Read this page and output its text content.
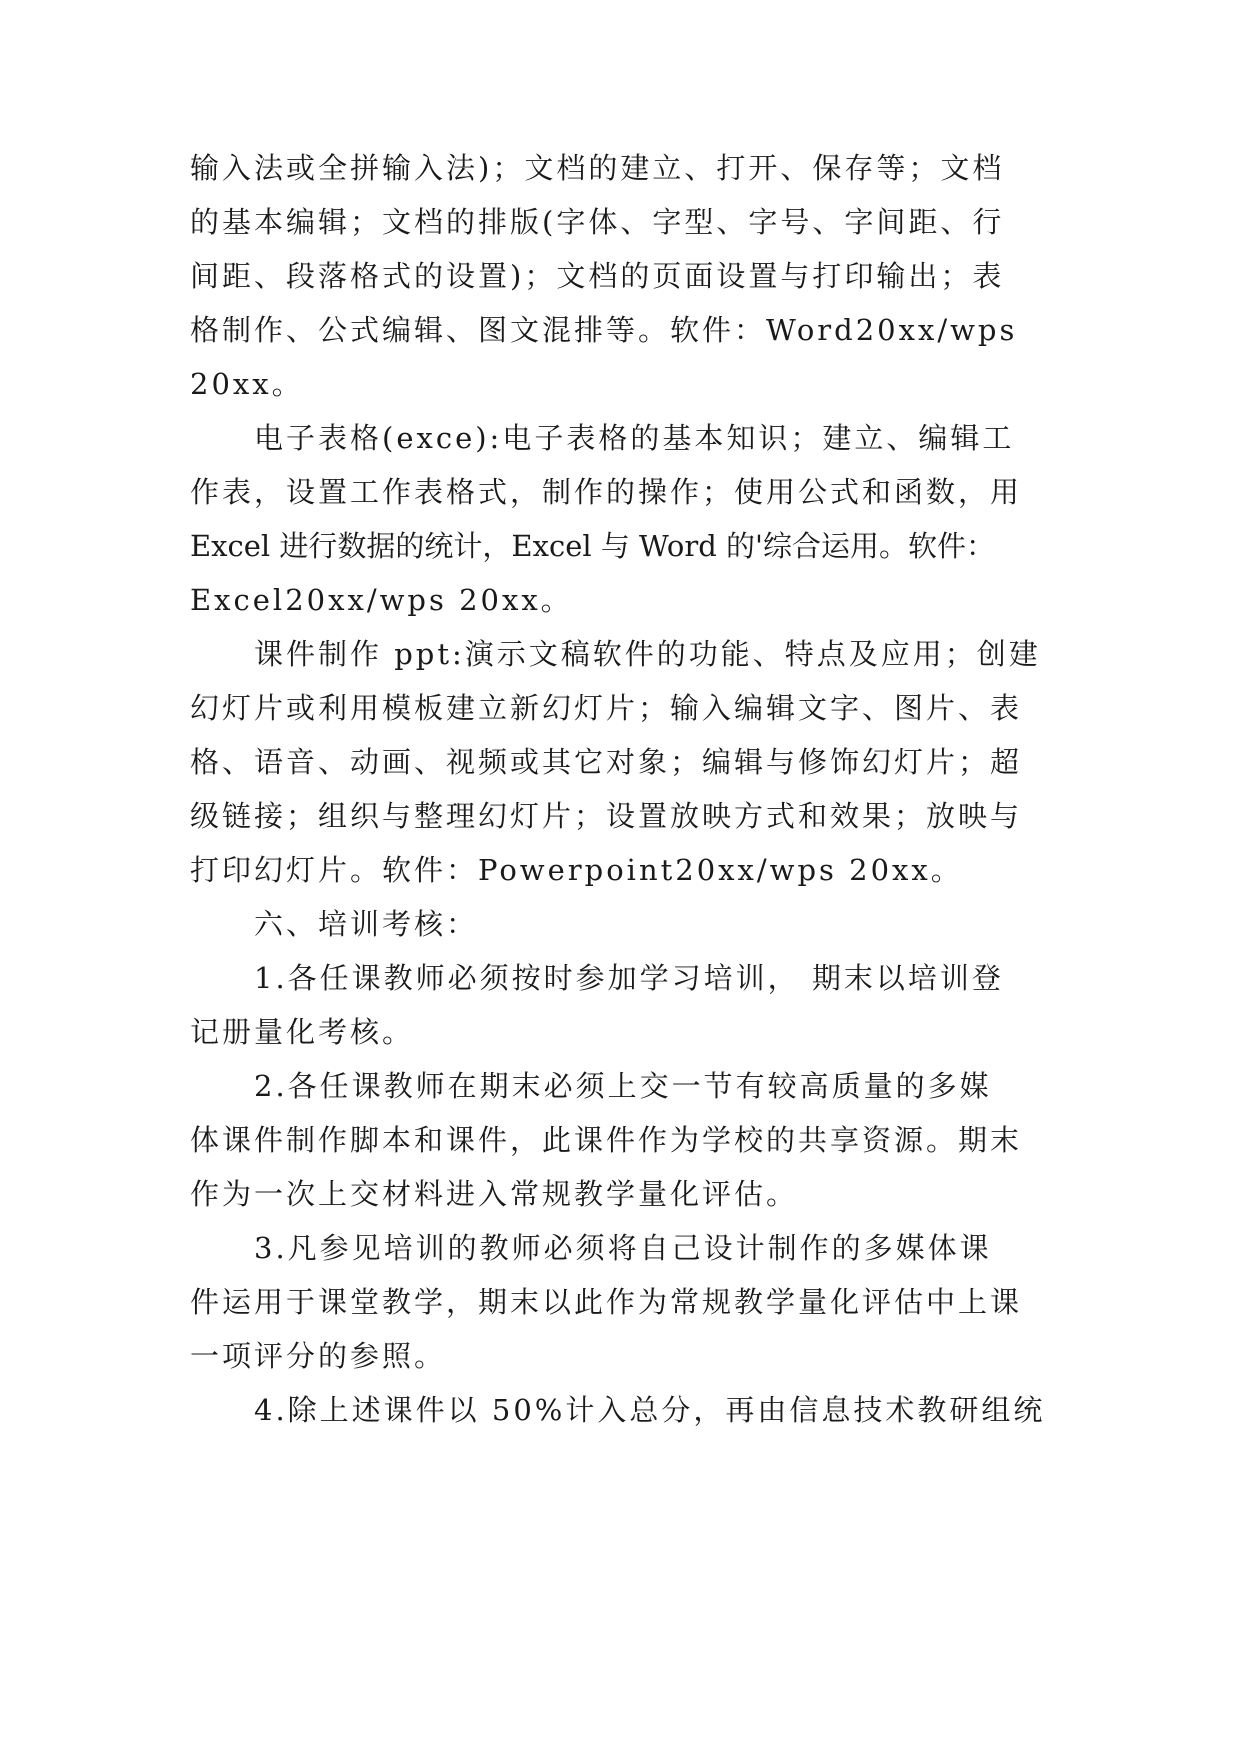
输入法或全拼输入法)；文档的建立、打开、保存等；文档
的基本编辑；文档的排版(字体、字型、字号、字间距、行
间距、段落格式的设置)；文档的页面设置与打印输出；表
格制作、公式编辑、图文混排等。软件：Word20xx/wps
20xx。
电子表格(exce):电子表格的基本知识；建立、编辑工
作表，设置工作表格式，制作的操作；使用公式和函数，用
Excel 进行数据的统计，Excel 与 Word 的'综合运用。软件：
Excel20xx/wps 20xx。
课件制作 ppt:演示文稿软件的功能、特点及应用；创建
幻灯片或利用模板建立新幻灯片；输入编辑文字、图片、表
格、语音、动画、视频或其它对象；编辑与修饰幻灯片；超
级链接；组织与整理幻灯片；设置放映方式和效果；放映与
打印幻灯片。软件：Powerpoint20xx/wps 20xx。
六、培训考核：
1.各任课教师必须按时参加学习培训， 期末以培训登
记册量化考核。
2.各任课教师在期末必须上交一节有较高质量的多媒
体课件制作脚本和课件，此课件作为学校的共享资源。期末
作为一次上交材料进入常规教学量化评估。
3.凡参见培训的教师必须将自己设计制作的多媒体课
件运用于课堂教学，期末以此作为常规教学量化评估中上课
一项评分的参照。
4.除上述课件以 50%计入总分，再由信息技术教研组统
